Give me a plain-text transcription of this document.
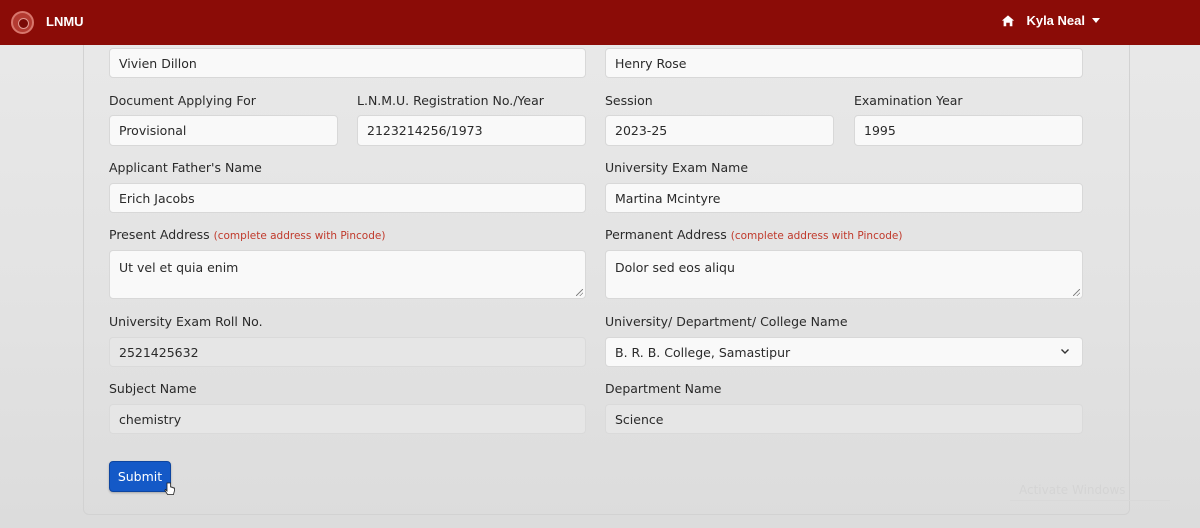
LNMU	Kyla Neal
Vivien Dillon	Henry Rose
Document Applying For	L.N.M.U. Registration No./Year	Session	Examination Year
Provisional	2123214256/1973	2023-25	1995
Applicant Father's Name	University Exam Name
Erich Jacobs	Martina Mcintyre
Present Address (complete address with Pincode)	Permanent Address (complete address with Pincode)
Ut vel et quia enim	Dolor sed eos aliqu
University Exam Roll No.	University/ Department/ College Name
2521425632	B. R. B. College, Samastipur
Subject Name	Department Name
chemistry	Science
Submit
Activate Windows
